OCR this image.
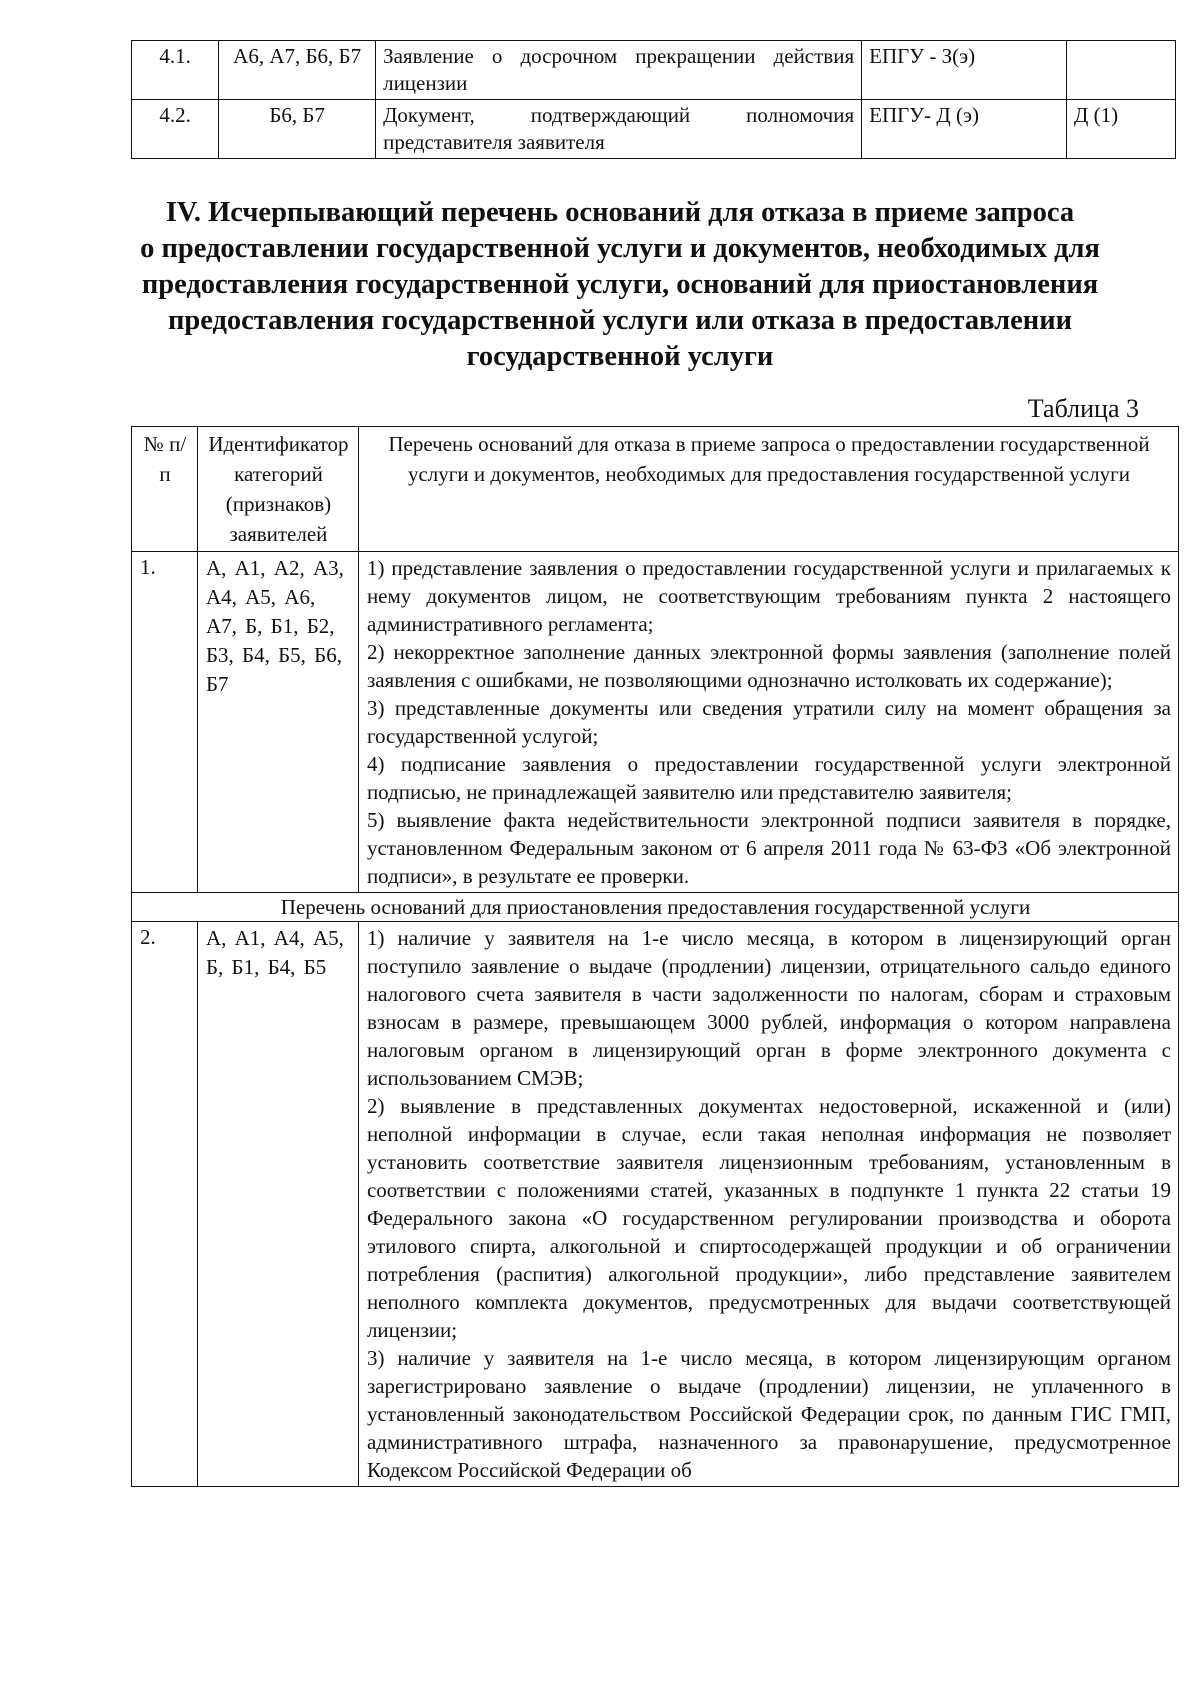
4.1.	А6, А7, Б6, Б7	Заявление о досрочном прекращении действия лицензии	ЕПГУ - З(э)	
4.2.	Б6, Б7	Документ, подтверждающий полномочия представителя заявителя	ЕПГУ- Д (э)	Д (1)
IV. Исчерпывающий перечень оснований для отказа в приеме запроса
о предоставлении государственной услуги и документов, необходимых для
предоставления государственной услуги, оснований для приостановления
предоставления государственной услуги или отказа в предоставлении
государственной услуги
Таблица 3
№ п/п	Идентификатор категорий (признаков) заявителей	Перечень оснований для отказа в приеме запроса о предоставлении государственной услуги и документов, необходимых для предоставления государственной услуги
1.	А, А1, А2, А3, А4, А5, А6, А7, Б, Б1, Б2, Б3, Б4, Б5, Б6, Б7	1) представление заявления о предоставлении государственной услуги и прилагаемых к нему документов лицом, не соответствующим требованиям пункта 2 настоящего административного регламента;

2) некорректное заполнение данных электронной формы заявления (заполнение полей заявления с ошибками, не позволяющими однозначно истолковать их содержание);

3) представленные документы или сведения утратили силу на момент обращения за государственной услугой;

4) подписание заявления о предоставлении государственной услуги электронной подписью, не принадлежащей заявителю или представителю заявителя;

5) выявление факта недействительности электронной подписи заявителя в порядке, установленном Федеральным законом от 6 апреля 2011 года № 63-ФЗ «Об электронной подписи», в результате ее проверки.

Перечень оснований для приостановления предоставления государственной услуги		
2.	А, А1, А4, А5, Б, Б1, Б4, Б5	1) наличие у заявителя на 1-е число месяца, в котором в лицензирующий орган поступило заявление о выдаче (продлении) лицензии, отрицательного сальдо единого налогового счета заявителя в части задолженности по налогам, сборам и страховым взносам в размере, превышающем 3000 рублей, информация о котором направлена налоговым органом в лицензирующий орган в форме электронного документа с использованием СМЭВ;

2) выявление в представленных документах недостоверной, искаженной и (или) неполной информации в случае, если такая неполная информация не позволяет установить соответствие заявителя лицензионным требованиям, установленным в соответствии с положениями статей, указанных в подпункте 1 пункта 22 статьи 19 Федерального закона «О государственном регулировании производства и оборота этилового спирта, алкогольной и спиртосодержащей продукции и об ограничении потребления (распития) алкогольной продукции», либо представление заявителем неполного комплекта документов, предусмотренных для выдачи соответствующей лицензии;

3) наличие у заявителя на 1-е число месяца, в котором лицензирующим органом зарегистрировано заявление о выдаче (продлении) лицензии, не уплаченного в установленный законодательством Российской Федерации срок, по данным ГИС ГМП, административного штрафа, назначенного за правонарушение, предусмотренное Кодексом Российской Федерации об
